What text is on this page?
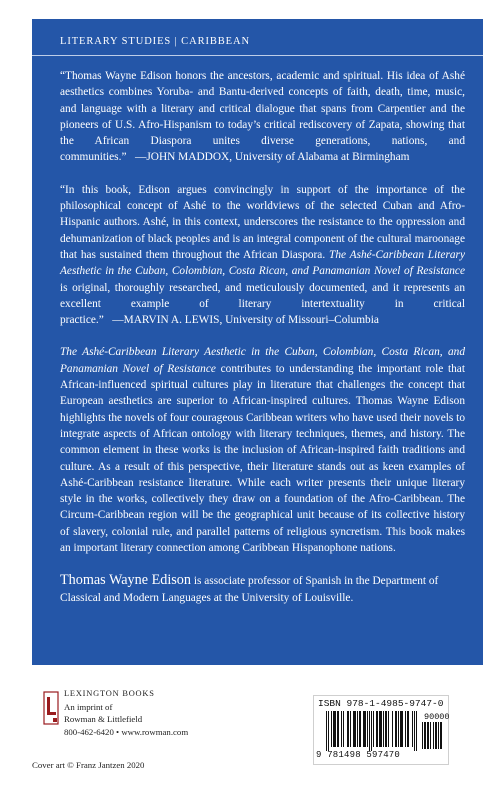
LITERARY STUDIES | CARIBBEAN

“Thomas Wayne Edison honors the ancestors, academic and spiritual. His idea of Ashé aesthetics combines Yoruba- and Bantu-derived concepts of faith, death, time, music, and language with a literary and critical dialogue that spans from Carpentier and the pioneers of U.S. Afro-Hispanism to today’s critical rediscovery of Zapata, showing that the African Diaspora unites diverse generations, nations, and communities.” —JOHN MADDOX, University of Alabama at Birmingham

“In this book, Edison argues convincingly in support of the importance of the philosophical concept of Ashé to the worldviews of the selected Cuban and Afro-Hispanic authors. Ashé, in this context, underscores the resistance to the oppression and dehumanization of black peoples and is an integral component of the cultural maroonage that has sustained them throughout the African Diaspora. The Ashé-Caribbean Literary Aesthetic in the Cuban, Colombian, Costa Rican, and Panamanian Novel of Resistance is original, thoroughly researched, and meticulously documented, and it represents an excellent example of literary intertextuality in critical practice.” —MARVIN A. LEWIS, University of Missouri–Columbia

The Ashé-Caribbean Literary Aesthetic in the Cuban, Colombian, Costa Rican, and Panamanian Novel of Resistance contributes to understanding the important role that African-influenced spiritual cultures play in literature that challenges the concept that European aesthetics are superior to African-inspired cultures. Thomas Wayne Edison highlights the novels of four courageous Caribbean writers who have used their novels to integrate aspects of African ontology with literary techniques, themes, and history. The common element in these works is the inclusion of African-inspired faith traditions and culture. As a result of this perspective, their literature stands out as keen examples of Ashé-Caribbean resistance literature. While each writer presents their unique literary style in the works, collectively they draw on a foundation of the Afro-Caribbean. The Circum-Caribbean region will be the geographical unit because of its collective history of slavery, colonial rule, and parallel patterns of religious syncretism. This book makes an important literary connection among Caribbean Hispanophone nations.

Thomas Wayne Edison is associate professor of Spanish in the Department of Classical and Modern Languages at the University of Louisville.

LEXINGTON BOOKS
An imprint of
Rowman & Littlefield
800-462-6420 • www.rowman.com
Cover art © Franz Jantzen 2020
ISBN 978-1-4985-9747-0
90000
9 781498 597470
